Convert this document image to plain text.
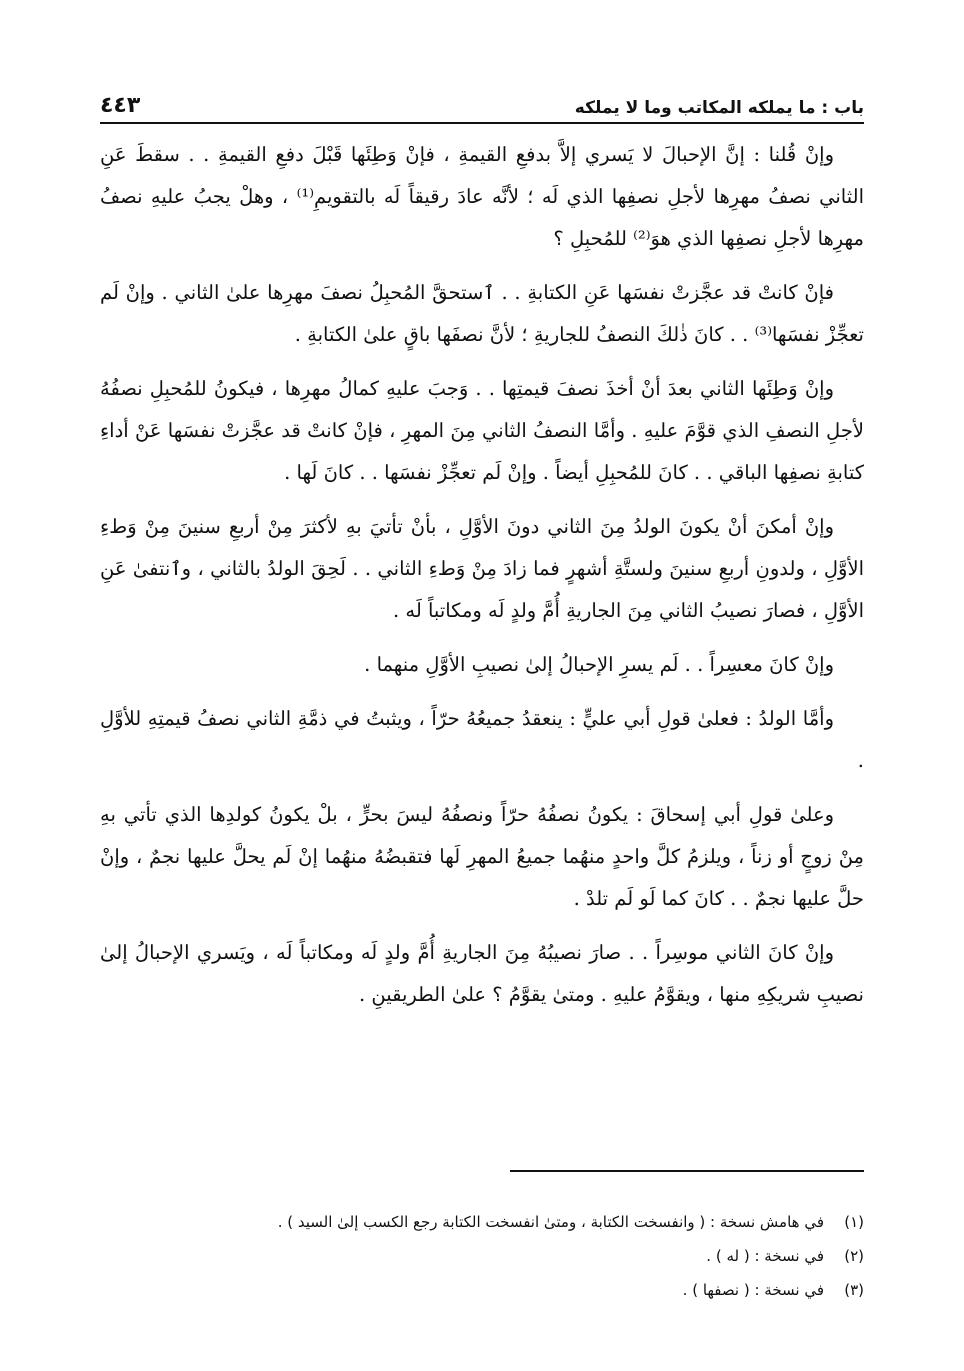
باب : ما يملكه المكاتب وما لا يملكه
٤٤٣

وإنْ قُلنا : إنَّ الإحبالَ لا يَسري إلاَّ بدفعِ القيمةِ ، فإنْ وَطِئَها قَبْلَ دفعِ القيمةِ . . سقطَ عَنِ الثاني نصفُ مهرِها لأجلِ نصفِها الذي لَه ؛ لأنَّه عادَ رقيقاً لَه بالتقويمِ⁽¹⁾ ، وهلْ يجبُ عليهِ نصفُ مهرِها لأجلِ نصفِها الذي هوَ⁽²⁾ للمُحبِلِ ؟

فإنْ كانتْ قد عجَّزتْ نفسَها عَنِ الكتابةِ . . ٱستحقَّ المُحبِلُ نصفَ مهرِها علىٰ الثاني . وإنْ لَم تعجِّزْ نفسَها⁽³⁾ . . كانَ ذٰلكَ النصفُ للجاريةِ ؛ لأنَّ نصفَها باقٍ علىٰ الكتابةِ .

وإنْ وَطِئَها الثاني بعدَ أنْ أخذَ نصفَ قيمتِها . . وَجبَ عليهِ كمالُ مهرِها ، فيكونُ للمُحبِلِ نصفُهُ لأجلِ النصفِ الذي قوَّمَ عليهِ . وأمَّا النصفُ الثاني مِنَ المهرِ ، فإنْ كانتْ قد عجَّزتْ نفسَها عَنْ أداءِ كتابةِ نصفِها الباقي . . كانَ للمُحبِلِ أيضاً . وإنْ لَم تعجِّزْ نفسَها . . كانَ لَها .

وإنْ أمكنَ أنْ يكونَ الولدُ مِنَ الثاني دونَ الأوَّلِ ، بأنْ تأتيَ بهِ لأكثرَ مِنْ أربعِ سنينَ مِنْ وَطءِ الأوَّلِ ، ولدونِ أربعِ سنينَ ولستَّةِ أشهرٍ فما زادَ مِنْ وَطءِ الثاني . . لَحِقَ الولدُ بالثاني ، وٱنتفىٰ عَنِ الأوَّلِ ، فصارَ نصيبُ الثاني مِنَ الجاريةِ أُمَّ ولدٍ لَه ومكاتباً لَه .

وإنْ كانَ معسِراً . . لَم يسرِ الإحبالُ إلىٰ نصيبِ الأوَّلِ منهما .

وأمَّا الولدُ : فعلىٰ قولِ أبي عليٍّ : ينعقدُ جميعُهُ حرّاً ، ويثبتُ في ذمَّةِ الثاني نصفُ قيمتِهِ للأوَّلِ .

وعلىٰ قولِ أبي إسحاقَ : يكونُ نصفُهُ حرّاً ونصفُهُ ليسَ بحرٍّ ، بلْ يكونُ كولدِها الذي تأتي بهِ مِنْ زوجٍ أو زناً ، ويلزمُ كلَّ واحدٍ منهُما جميعُ المهرِ لَها فتقبضُهُ منهُما إنْ لَم يحلَّ عليها نجمٌ ، وإنْ حلَّ عليها نجمٌ . . كانَ كما لَو لَم تلدْ .

وإنْ كانَ الثاني موسِراً . . صارَ نصيبُهُ مِنَ الجاريةِ أُمَّ ولدٍ لَه ومكاتباً لَه ، ويَسري الإحبالُ إلىٰ نصيبِ شريكِهِ منها ، ويقوَّمُ عليهِ . ومتىٰ يقوَّمُ ؟ علىٰ الطريقينِ .

(١)في هامش نسخة : ( وانفسخت الكتابة ، ومتىٰ انفسخت الكتابة رجع الكسب إلىٰ السيد ) .
(٢)في نسخة : ( له ) .
(٣)في نسخة : ( نصفها ) .
